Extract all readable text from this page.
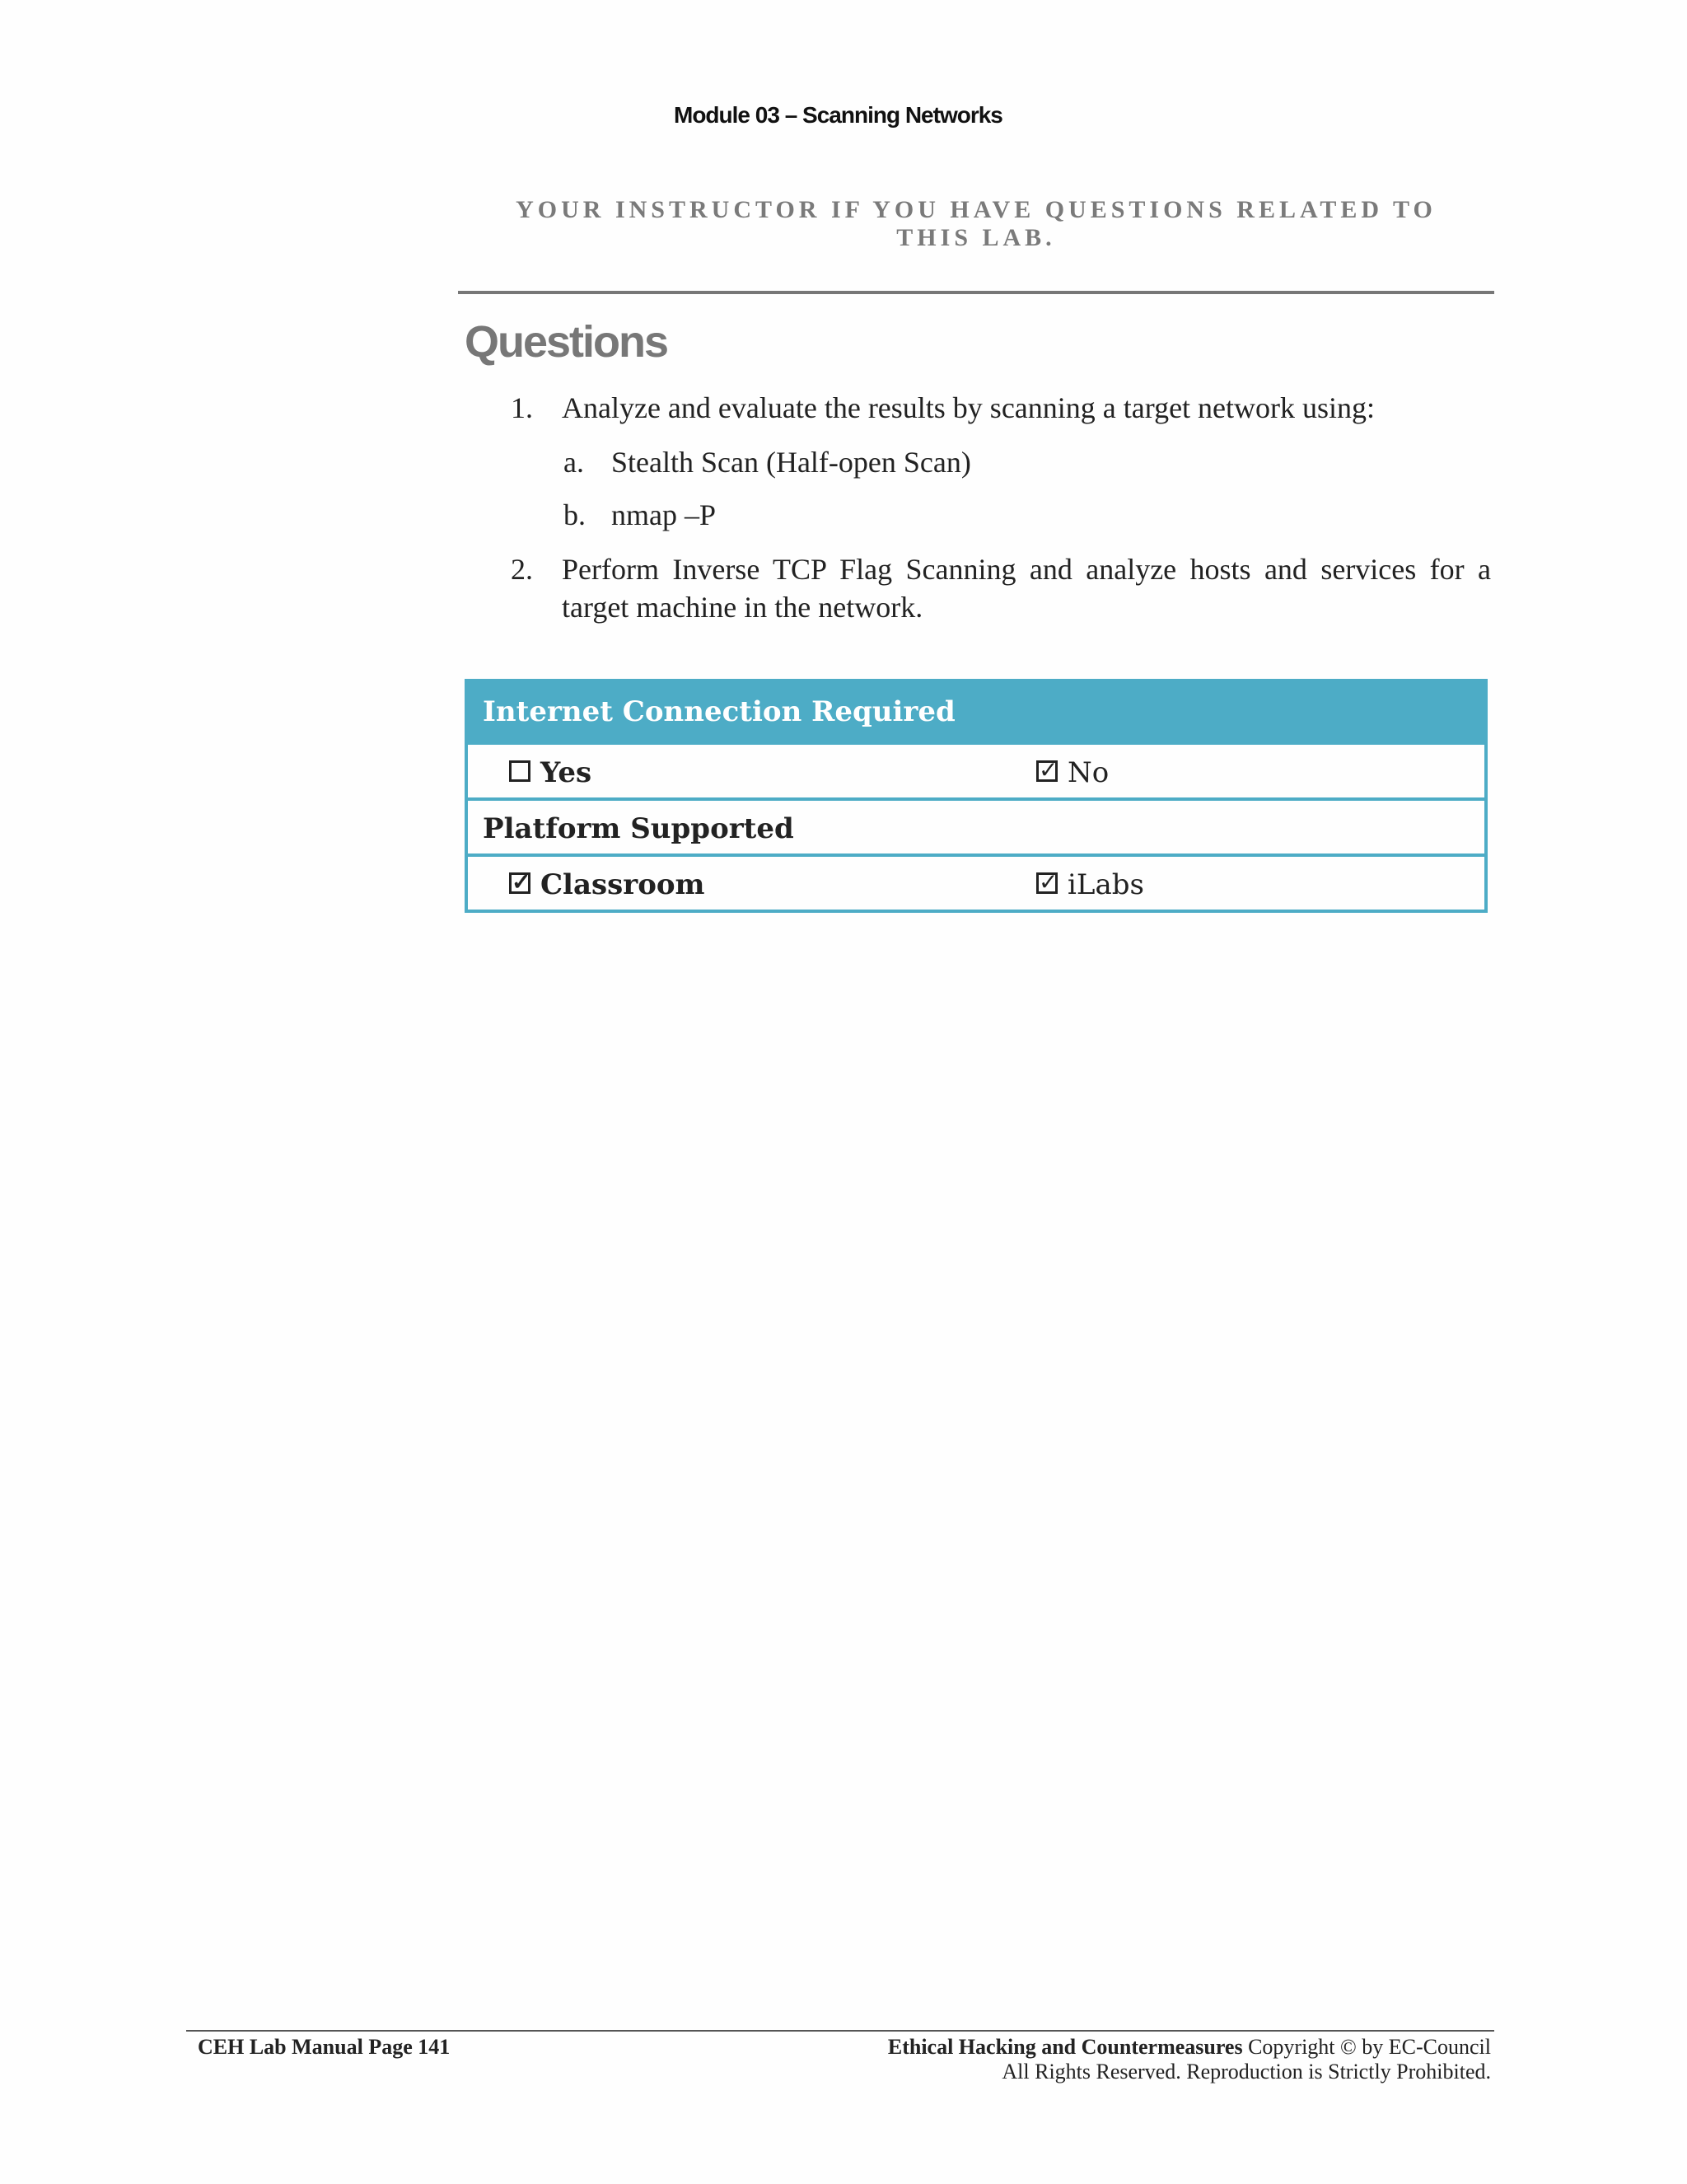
Module 03 – Scanning Networks
YOUR INSTRUCTOR IF YOU HAVE QUESTIONS RELATED TO
THIS LAB.
Questions
1. Analyze and evaluate the results by scanning a target network using:
a. Stealth Scan (Half-open Scan)
b. nmap –P
2. Perform Inverse TCP Flag Scanning and analyze hosts and services for a target machine in the network.
Internet Connection Required
Yes	✓ No
Platform Supported
✓ Classroom	✓ iLabs
CEH Lab Manual Page 141	Ethical Hacking and Countermeasures Copyright © by EC-Council
All Rights Reserved. Reproduction is Strictly Prohibited.
